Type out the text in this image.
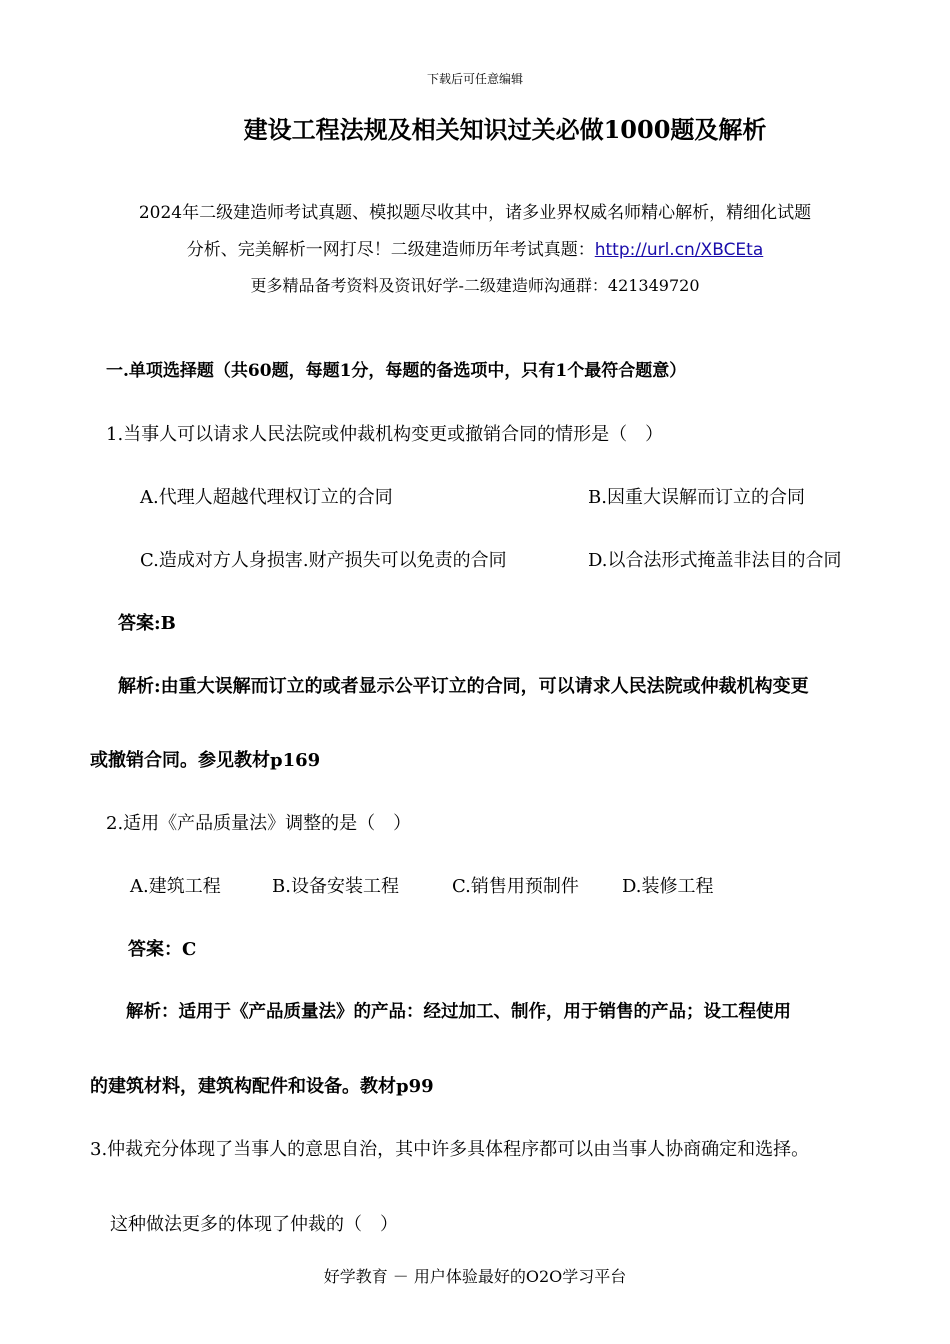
下载后可任意编辑
建设工程法规及相关知识过关必做1000题及解析
2024年二级建造师考试真题、模拟题尽收其中，诸多业界权威名师精心解析，精细化试题
分析、完美解析一网打尽！二级建造师历年考试真题：http://url.cn/XBCEta
更多精品备考资料及资讯好学-二级建造师沟通群：421349720
一.单项选择题（共60题，每题1分，每题的备选项中，只有1个最符合题意）
1.当事人可以请求人民法院或仲裁机构变更或撤销合同的情形是（　）
A.代理人超越代理权订立的合同	B.因重大误解而订立的合同
C.造成对方人身损害.财产损失可以免责的合同	D.以合法形式掩盖非法目的合同
答案:B
解析:由重大误解而订立的或者显示公平订立的合同，可以请求人民法院或仲裁机构变更
或撤销合同。参见教材p169
2.适用《产品质量法》调整的是（　）
A.建筑工程	B.设备安装工程	C.销售用预制件 D.装修工程
答案：C
解析：适用于《产品质量法》的产品：经过加工、制作，用于销售的产品；设工程使用
的建筑材料，建筑构配件和设备。教材p99
3.仲裁充分体现了当事人的意思自治，其中许多具体程序都可以由当事人协商确定和选择。
这种做法更多的体现了仲裁的（　）
好学教育 － 用户体验最好的O2O学习平台
